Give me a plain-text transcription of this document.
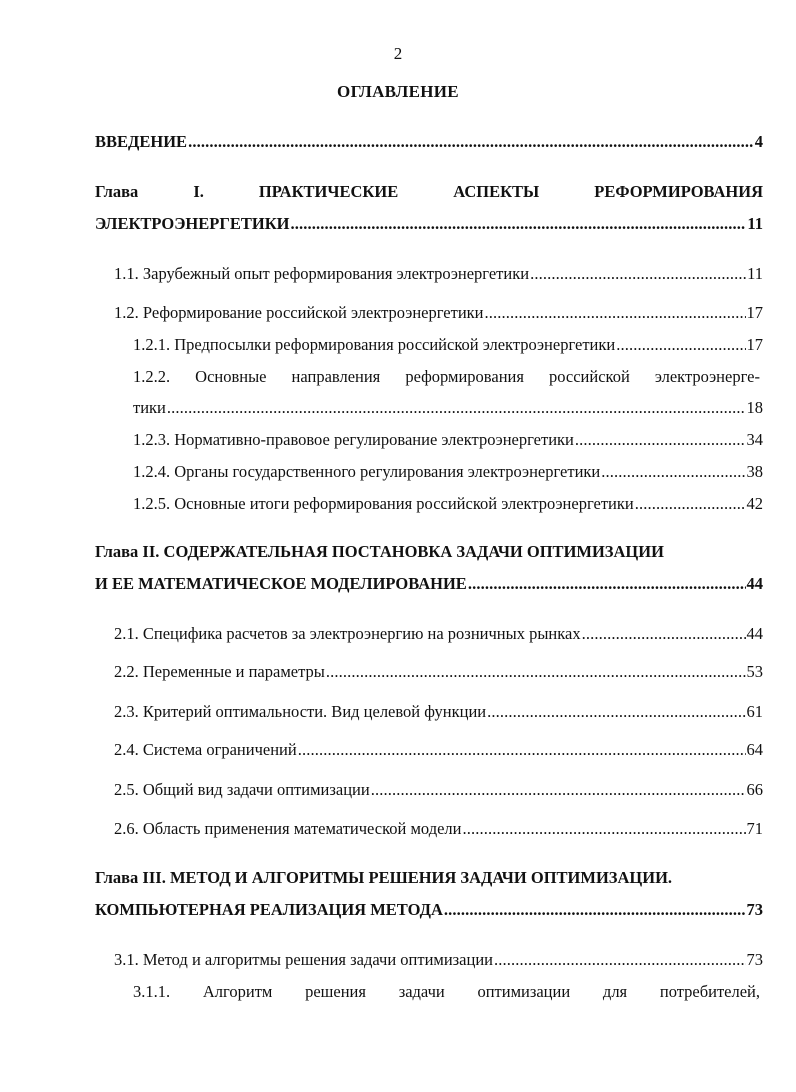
2
ОГЛАВЛЕНИЕ
ВВЕДЕНИЕ . . .	4
Глава	I.	ПРАКТИЧЕСКИЕ	АСПЕКТЫ	РЕФОРМИРОВАНИЯ
ЭЛЕКТРОЭНЕРГЕТИКИ . . .	11
1.1. Зарубежный опыт реформирования электроэнергетики . . .	11
1.2. Реформирование российской электроэнергетики . . .	17
1.2.1. Предпосылки реформирования российской электроэнергетики . . .	17
1.2.2. Основные направления реформирования российской электроэнерге-
тики . . .	18
1.2.3. Нормативно-правовое регулирование электроэнергетики . . .	34
1.2.4. Органы государственного регулирования электроэнергетики . . .	38
1.2.5. Основные итоги реформирования российской электроэнергетики . . .	42
Глава II. СОДЕРЖАТЕЛЬНАЯ ПОСТАНОВКА ЗАДАЧИ ОПТИМИЗАЦИИ
И ЕЕ МАТЕМАТИЧЕСКОЕ МОДЕЛИРОВАНИЕ . . .	44
2.1. Специфика расчетов за электроэнергию на розничных рынках . . .	44
2.2. Переменные и параметры . . .	53
2.3. Критерий оптимальности. Вид целевой функции . . .	61
2.4. Система ограничений . . .	64
2.5. Общий вид задачи оптимизации . . .	66
2.6. Область применения математической модели . . .	71
Глава III. МЕТОД И АЛГОРИТМЫ РЕШЕНИЯ ЗАДАЧИ ОПТИМИЗАЦИИ.
КОМПЬЮТЕРНАЯ РЕАЛИЗАЦИЯ МЕТОДА . . .	73
3.1. Метод и алгоритмы решения задачи оптимизации . . .	73
3.1.1. Алгоритм решения задачи оптимизации для потребителей,
